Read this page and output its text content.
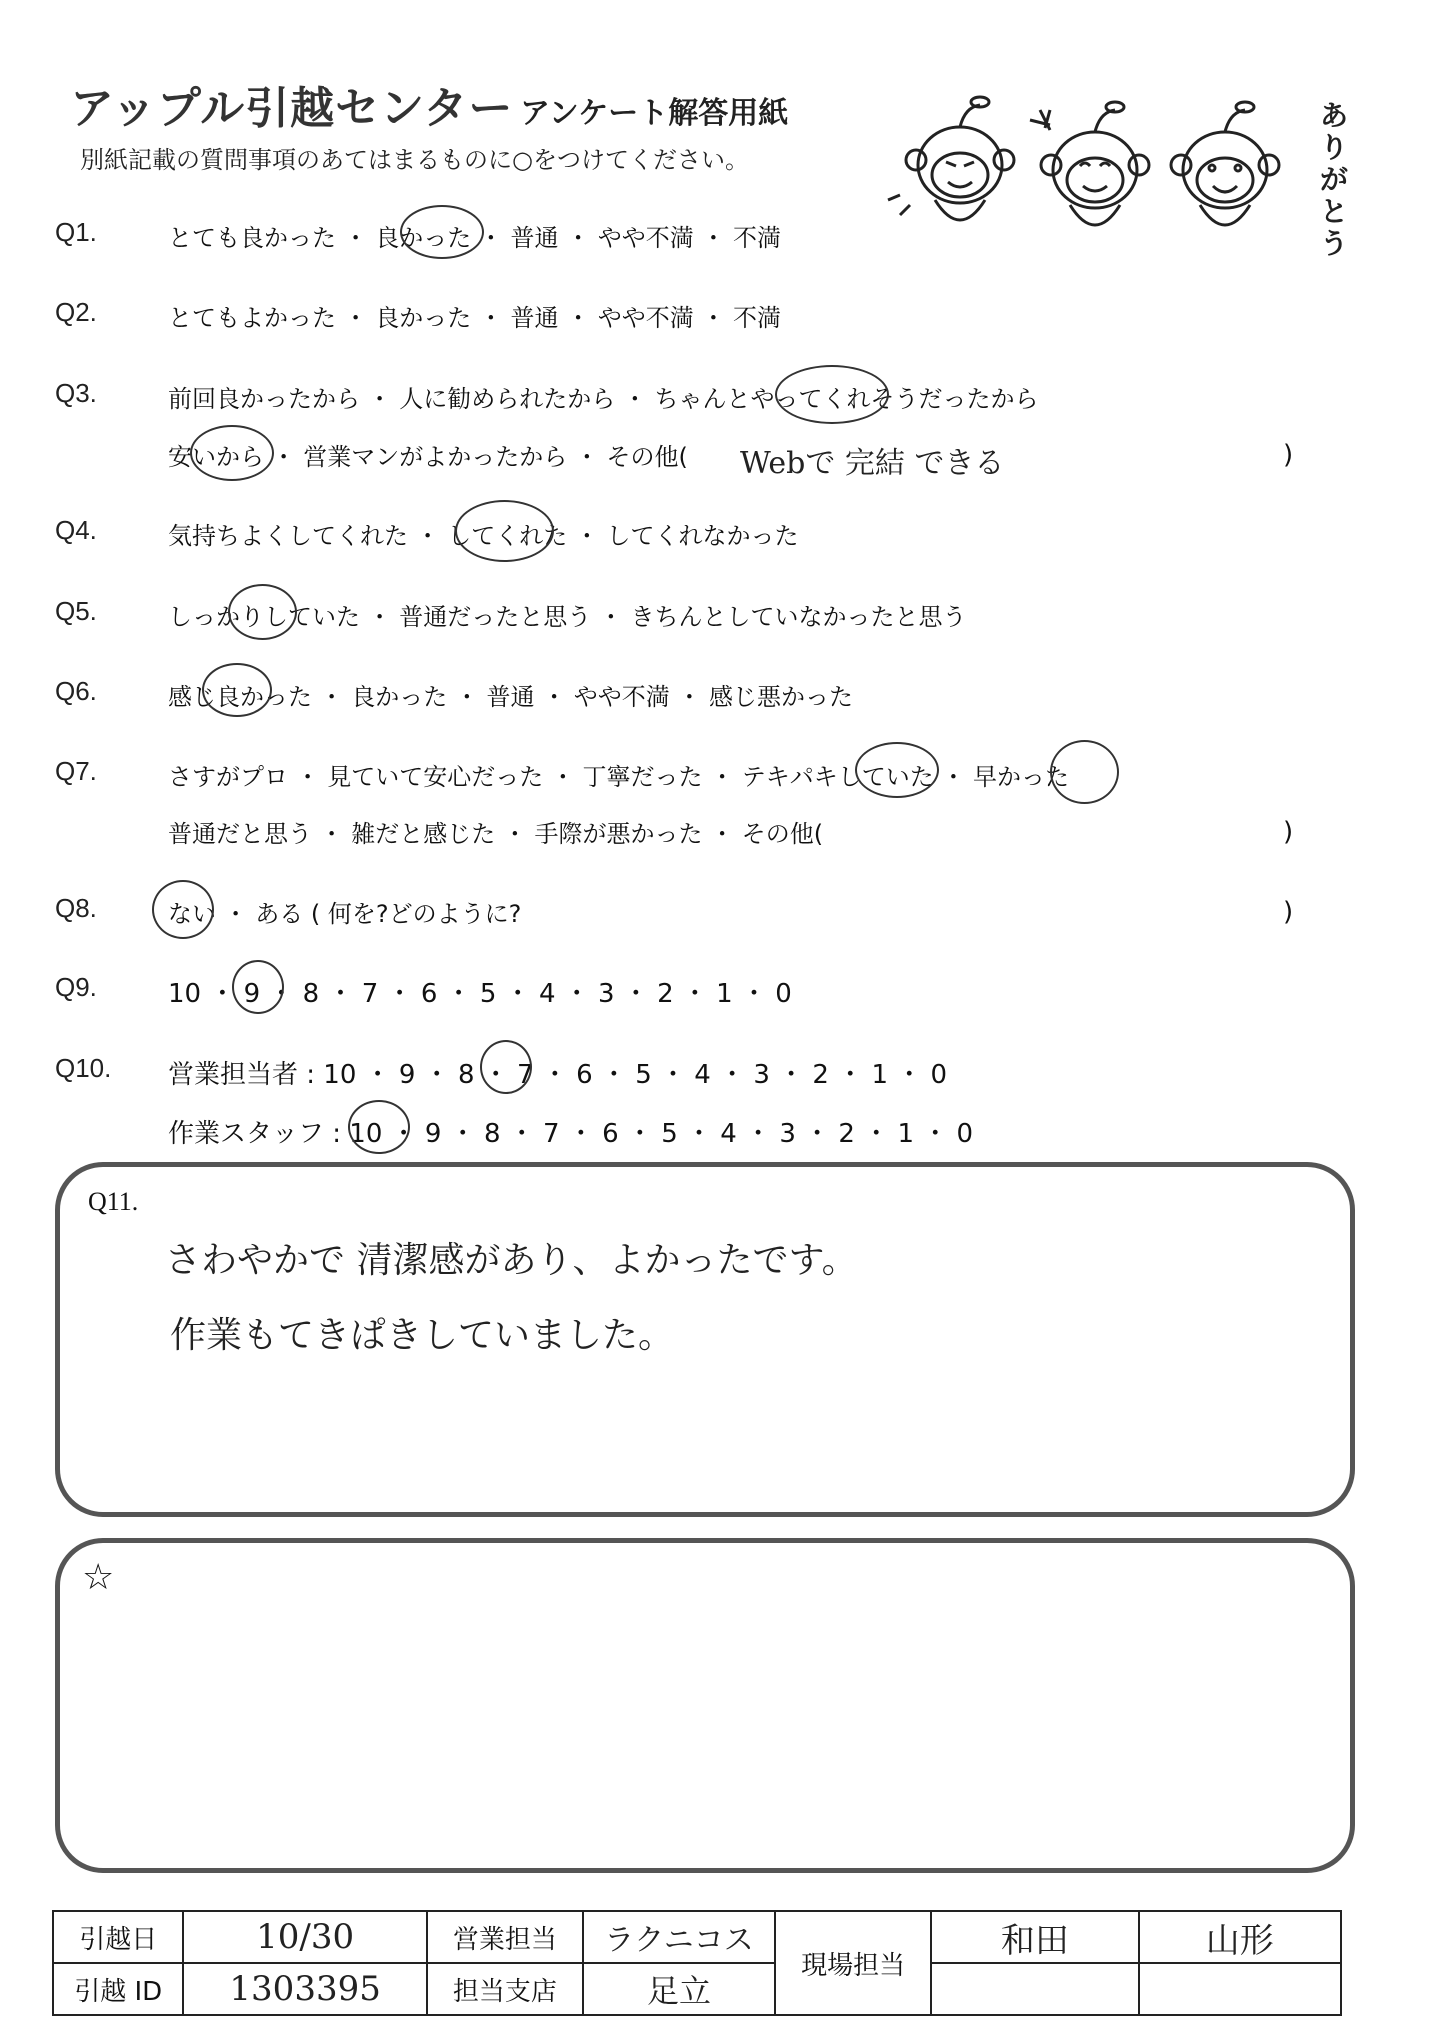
アップル引越センター アンケート解答用紙
別紙記載の質問事項のあてはまるものに○をつけてください。
ありがとう
Q1.	とても良かった ・ 良かった ・ 普通 ・ やや不満 ・ 不満
Q2.	とてもよかった ・ 良かった ・ 普通 ・ やや不満 ・ 不満
Q3.	前回良かったから ・ 人に勧められたから ・ ちゃんとやってくれそうだったから
安いから ・ 営業マンがよかったから ・ その他(	)
Webで 完結 できる
Q4.	気持ちよくしてくれた ・ してくれた ・ してくれなかった
Q5.	しっかりしていた ・ 普通だったと思う ・ きちんとしていなかったと思う
Q6.	感じ良かった ・ 良かった ・ 普通 ・ やや不満 ・ 感じ悪かった
Q7.	さすがプロ ・ 見ていて安心だった ・ 丁寧だった ・ テキパキしていた ・ 早かった
普通だと思う ・ 雑だと感じた ・ 手際が悪かった ・ その他(	)
Q8.	ない ・ ある ( 何を?どのように?	)
Q9.	10 ・ 9 ・ 8 ・ 7 ・ 6 ・ 5 ・ 4 ・ 3 ・ 2 ・ 1 ・ 0
Q10. 営業担当者 : 10 ・ 9 ・ 8 ・ 7 ・ 6 ・ 5 ・ 4 ・ 3 ・ 2 ・ 1 ・ 0
作業スタッフ : 10 ・ 9 ・ 8 ・ 7 ・ 6 ・ 5 ・ 4 ・ 3 ・ 2 ・ 1 ・ 0
Q11.
さわやかで 清潔感があり、よかったです。
作業もてきぱきしていました。
☆
引越日	10/30	営業担当	ラクニコス	現場担当	和田	山形
引越 ID	1303395	担当支店	足立			
